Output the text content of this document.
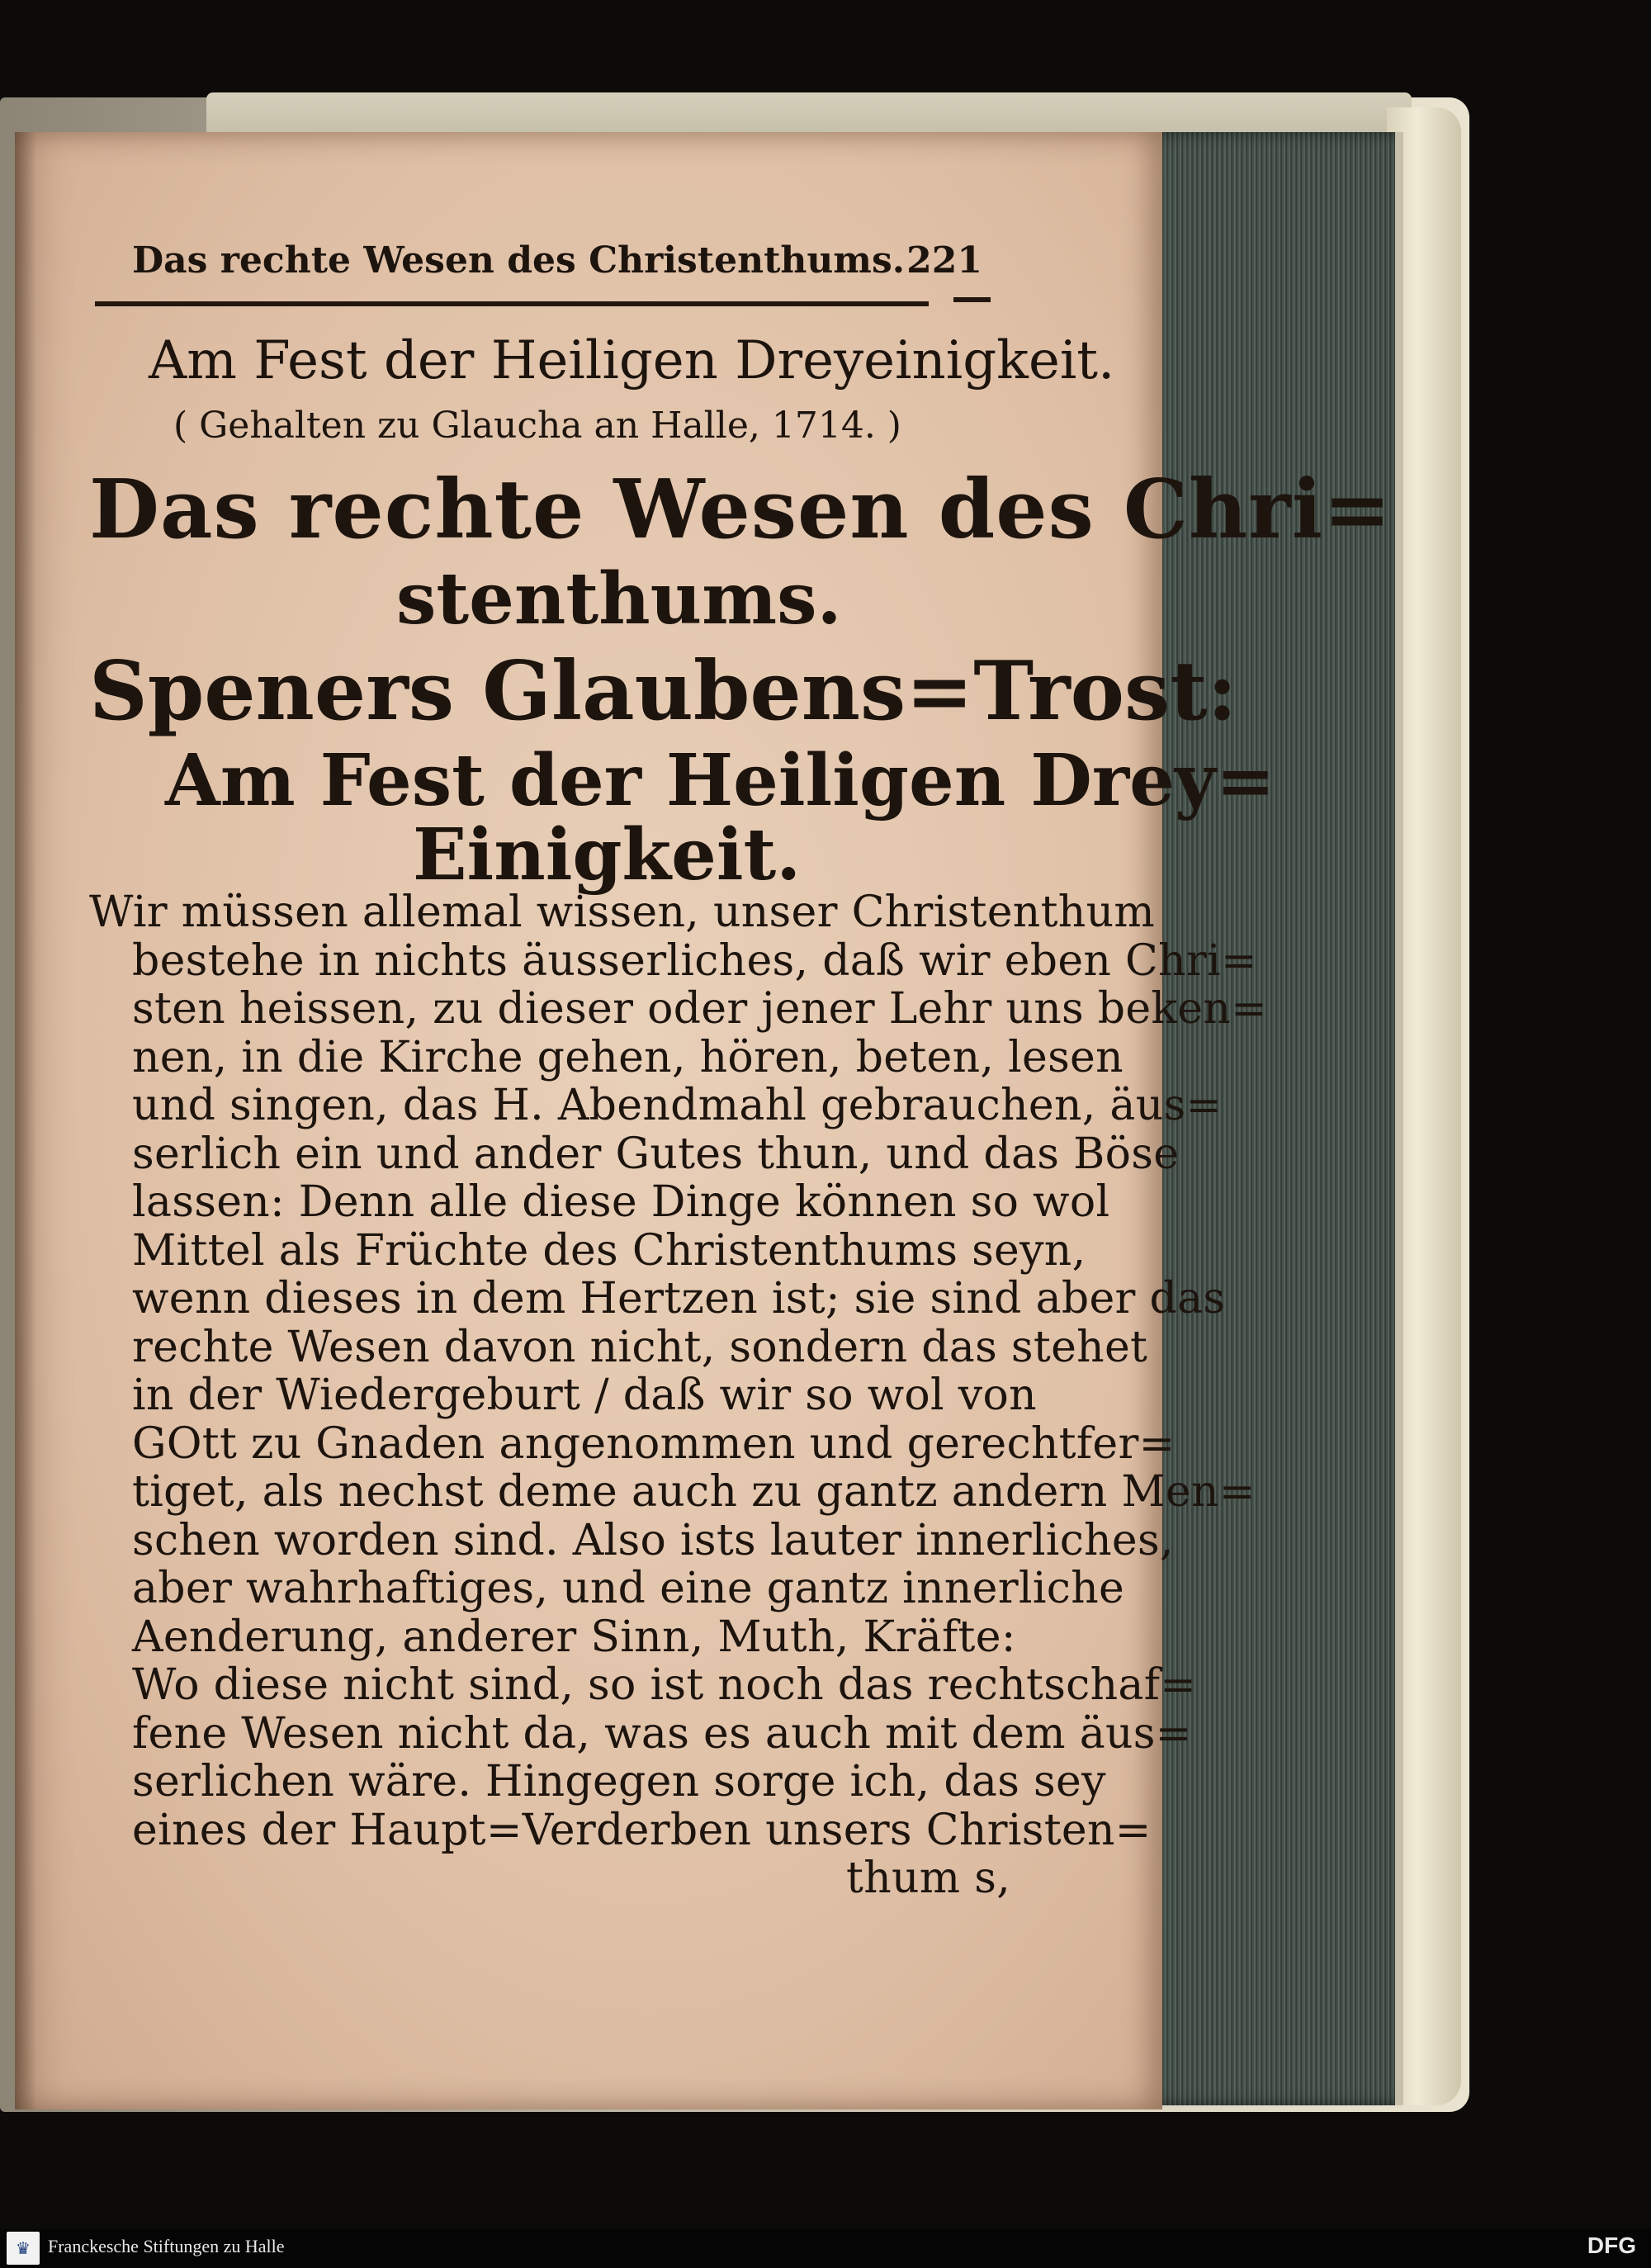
Das rechte Wesen des Christenthums. 221
Am Fest der Heiligen Dreyeinigkeit.
( Gehalten zu Glaucha an Halle, 1714. )
Das rechte Wesen des Chri=
stenthums.
Speners Glaubens=Trost:
Am Fest der Heiligen Drey=
Einigkeit.
Wir müssen allemal wissen, unser Christenthum
bestehe in nichts äusserliches, daß wir eben Chri=
sten heissen, zu dieser oder jener Lehr uns beken=
nen, in die Kirche gehen, hören, beten, lesen
und singen, das H. Abendmahl gebrauchen, äus=
serlich ein und ander Gutes thun, und das Böse
lassen: Denn alle diese Dinge können so wol
Mittel als Früchte des Christenthums seyn,
wenn dieses in dem Hertzen ist; sie sind aber das
rechte Wesen davon nicht, sondern das stehet
in der Wiedergeburt / daß wir so wol von
GOtt zu Gnaden angenommen und gerechtfer=
tiget, als nechst deme auch zu gantz andern Men=
schen worden sind. Also ists lauter innerliches,
aber wahrhaftiges, und eine gantz innerliche
Aenderung, anderer Sinn, Muth, Kräfte:
Wo diese nicht sind, so ist noch das rechtschaf=
fene Wesen nicht da, was es auch mit dem äus=
serlichen wäre. Hingegen sorge ich, das sey
eines der Haupt=Verderben unsers Christen=
thum s,
♛ Franckesche Stiftungen zu Halle	DFG
